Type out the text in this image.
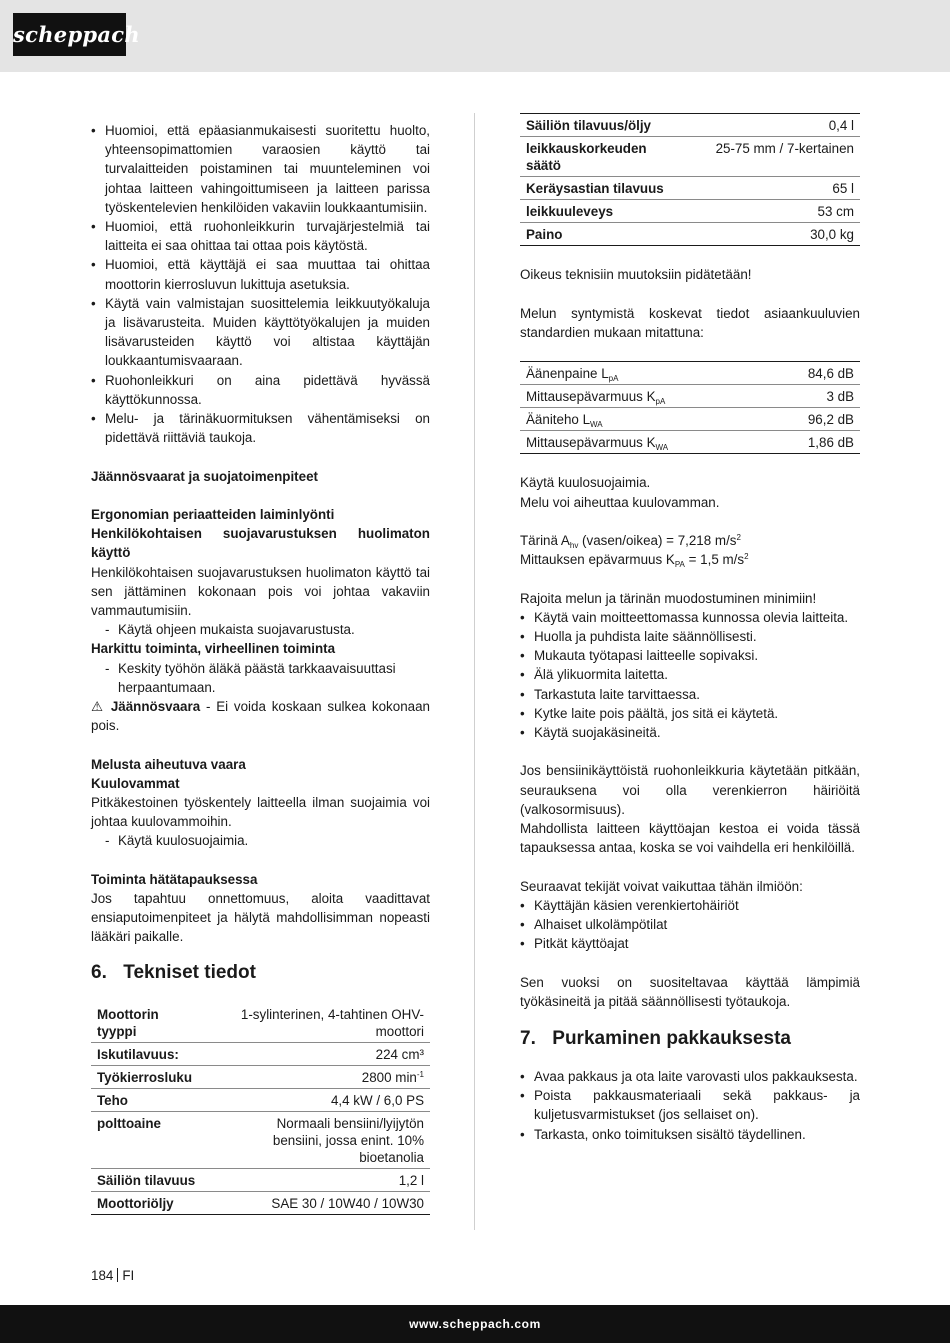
scheppach
• Huomioi, että epäasianmukaisesti suoritettu huolto, yhteensopimattomien varaosien käyttö tai turvalaitteiden poistaminen tai muunteleminen voi johtaa laitteen vahingoittumiseen ja laitteen parissa työskentelevien henkilöiden vakaviin loukkaantumisiin.
• Huomioi, että ruohonleikkurin turvajärjestelmiä tai laitteita ei saa ohittaa tai ottaa pois käytöstä.
• Huomioi, että käyttäjä ei saa muuttaa tai ohittaa moottorin kierrosluvun lukittuja asetuksia.
• Käytä vain valmistajan suosittelemia leikkuutyökaluja ja lisävarusteita. Muiden käyttötyökalujen ja muiden lisävarusteiden käyttö voi altistaa käyttäjän loukkaantumisvaaraan.
• Ruohonleikkuri on aina pidettävä hyvässä käyttökunnossa.
• Melu- ja tärinäkuormituksen vähentämiseksi on pidettävä riittäviä taukoja.

Jäännösvaarat ja suojatoimenpiteet

Ergonomian periaatteiden laiminlyönti

Henkilökohtaisen suojavarustuksen huolimaton käyttö

Henkilökohtaisen suojavarustuksen huolimaton käyttö tai sen jättäminen kokonaan pois voi johtaa vakaviin vammautumisiin.

- Käytä ohjeen mukaista suojavarustusta.

Harkittu toiminta, virheellinen toiminta

- Keskity työhön äläkä päästä tarkkaavaisuuttasi herpaantumaan.

⚠ Jäännösvaara - Ei voida koskaan sulkea kokonaan pois.

Melusta aiheutuva vaara

Kuulovammat

Pitkäkestoinen työskentely laitteella ilman suojaimia voi johtaa kuulovammoihin.

- Käytä kuulosuojaimia.

Toiminta hätätapauksessa

Jos tapahtuu onnettomuus, aloita vaadittavat ensiaputoimenpiteet ja hälytä mahdollisimman nopeasti lääkäri paikalle.

6. Tekniset tiedot
Moottorin tyyppi	1-sylinterinen, 4-tahtinen OHV-moottori
Iskutilavuus:	224 cm³
Työkierrosluku	2800 $\min^{-1}$
Teho	4,4 kW / 6,0 PS
polttoaine	Normaali bensiini/lyijytön bensiini, jossa enint. 10% bioetanolia
Säiliön tilavuus	1,2 l
Moottoriöljy	SAE 30 / 10W40 / 10W30
Säiliön tilavuus/öljy	0,4 l
leikkauskorkeuden säätö	25-75 mm / 7-kertainen
Keräysastian tilavuus	65 l
leikkuuleveys	53 cm
Paino	30,0 kg

Oikeus teknisiin muutoksiin pidätetään!

Melun syntymistä koskevat tiedot asiaankuuluvien standardien mukaan mitattuna:

Äänenpaine $L_{pA}$	84,6 dB
Mittausepävarmuus $K_{pA}$	3 dB
Ääniteho $L_{WA}$	96,2 dB
Mittausepävarmuus $K_{WA}$	1,86 dB

Käytä kuulosuojaimia.

Melu voi aiheuttaa kuulovamman.

Tärinä $A_{hv}$ (vasen/oikea) = 7,218 $m/s^2$

Mittauksen epävarmuus $K_{PA} = 1,5$ $m/s^2$

Rajoita melun ja tärinän muodostuminen minimiin!

• Käytä vain moitteettomassa kunnossa olevia laitteita.
• Huolla ja puhdista laite säännöllisesti.
• Mukauta työtapasi laitteelle sopivaksi.
• Älä ylikuormita laitetta.
• Tarkastuta laite tarvittaessa.
• Kytke laite pois päältä, jos sitä ei käytetä.
• Käytä suojakäsineitä.

Jos bensiinikäyttöistä ruohonleikkuria käytetään pitkään, seurauksena voi olla verenkierron häiriöitä (valkosormisuus).

Mahdollista laitteen käyttöajan kestoa ei voida tässä tapauksessa antaa, koska se voi vaihdella eri henkilöillä.

Seuraavat tekijät voivat vaikuttaa tähän ilmiöön:

• Käyttäjän käsien verenkiertohäiriöt
• Alhaiset ulkolämpötilat
• Pitkät käyttöajat

Sen vuoksi on suositeltavaa käyttää lämpimiä työkäsineitä ja pitää säännöllisesti työtaukoja.

7. Purkaminen pakkauksesta
• Avaa pakkaus ja ota laite varovasti ulos pakkauksesta.
• Poista pakkausmateriaali sekä pakkaus- ja kuljetusvarmistukset (jos sellaiset on).
• Tarkasta, onko toimituksen sisältö täydellinen.
184 FI
www.scheppach.com
